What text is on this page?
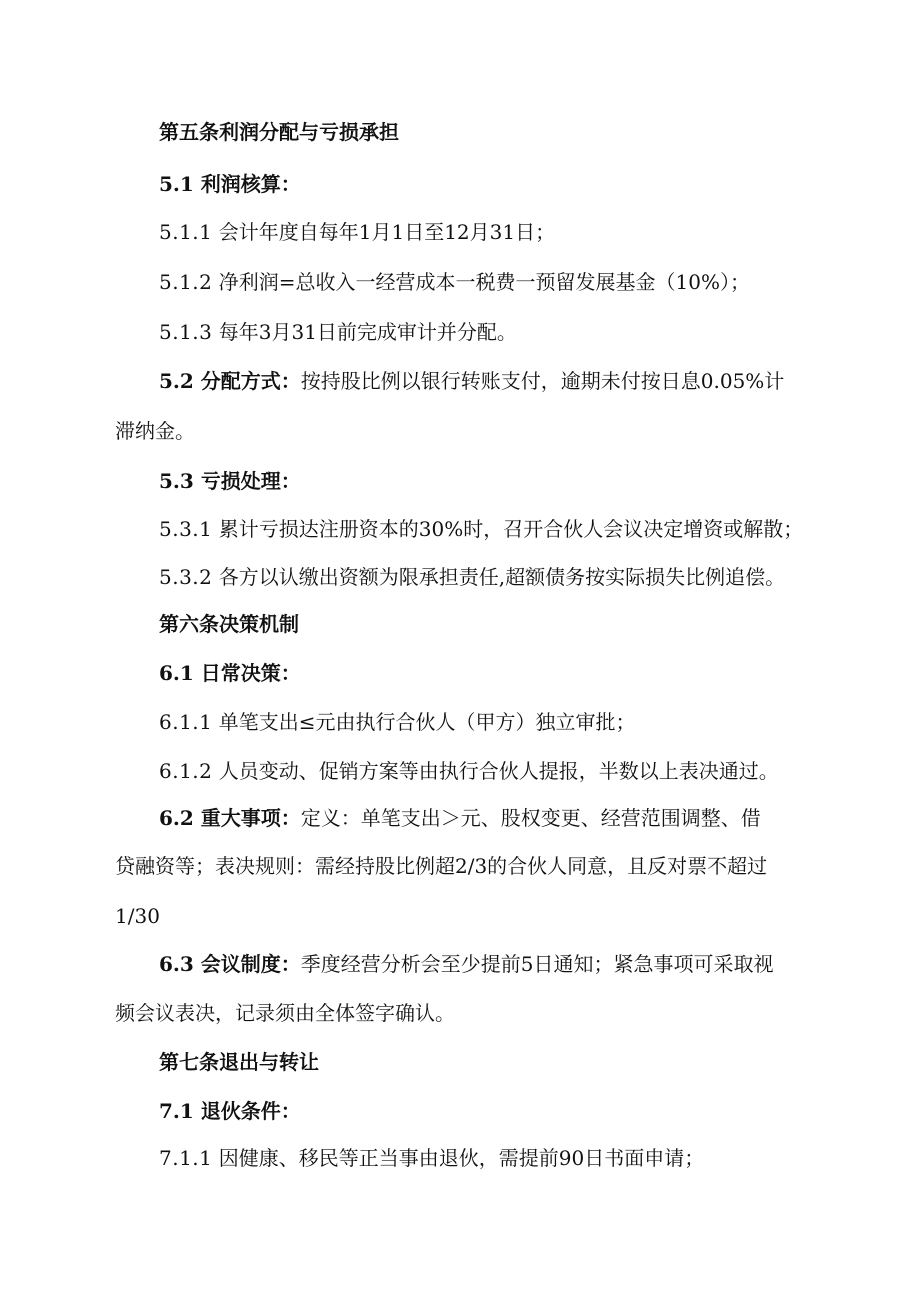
第五条利润分配与亏损承担
5.1 利润核算：
5.1.1 会计年度自每年1月1日至12月31日；
5.1.2 净利润=总收入一经营成本一税费一预留发展基金（10%）；
5.1.3 每年3月31日前完成审计并分配。
5.2 分配方式：按持股比例以银行转账支付，逾期未付按日息0.05%计
滞纳金。
5.3 亏损处理：
5.3.1 累计亏损达注册资本的30%时，召开合伙人会议决定增资或解散；
5.3.2 各方以认缴出资额为限承担责任,超额债务按实际损失比例追偿。
第六条决策机制
6.1 日常决策：
6.1.1 单笔支出≤元由执行合伙人（甲方）独立审批；
6.1.2 人员变动、促销方案等由执行合伙人提报，半数以上表决通过。
6.2 重大事项：定义：单笔支出＞元、股权变更、经营范围调整、借
贷融资等；表决规则：需经持股比例超2/3的合伙人同意，且反对票不超过
1/30
6.3 会议制度：季度经营分析会至少提前5日通知；紧急事项可采取视
频会议表决，记录须由全体签字确认。
第七条退出与转让
7.1 退伙条件：
7.1.1 因健康、移民等正当事由退伙，需提前90日书面申请；
